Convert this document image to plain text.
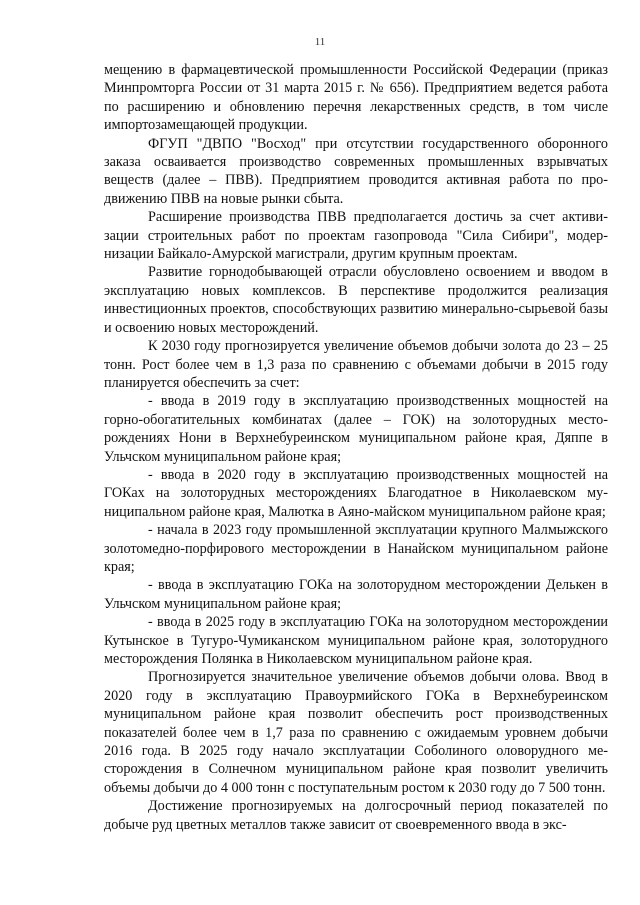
11

мещению в фармацевтической промышленности Российской Федерации (приказ Минпромторга России от 31 марта 2015 г. № 656). Предприятием ведется работа по расширению и обновлению перечня лекарственных средств, в том числе импортозамещающей продукции.

ФГУП "ДВПО "Восход" при отсутствии государственного оборонного заказа осваивается производство современных промышленных взрывчатых веществ (далее – ПВВ). Предприятием проводится активная работа по продвижению ПВВ на новые рынки сбыта.

Расширение производства ПВВ предполагается достичь за счет активизации строительных работ по проектам газопровода "Сила Сибири", модернизации Байкало-Амурской магистрали, другим крупным проектам.

Развитие горнодобывающей отрасли обусловлено освоением и вводом в эксплуатацию новых комплексов. В перспективе продолжится реализация инвестиционных проектов, способствующих развитию минерально-сырьевой базы и освоению новых месторождений.

К 2030 году прогнозируется увеличение объемов добычи золота до 23 – 25 тонн. Рост более чем в 1,3 раза по сравнению с объемами добычи в 2015 году планируется обеспечить за счет:

- ввода в 2019 году в эксплуатацию производственных мощностей на горно-обогатительных комбинатах (далее – ГОК) на золоторудных месторождениях Нони в Верхнебуреинском муниципальном районе края, Дяппе в Ульчском муниципальном районе края;

- ввода в 2020 году в эксплуатацию производственных мощностей на ГОКах на золоторудных месторождениях Благодатное в Николаевском муниципальном районе края, Малютка в Аяно-майском муниципальном районе края;

- начала в 2023 году промышленной эксплуатации крупного Малмыжского золотомедно-порфирового месторождении в Нанайском муниципальном районе края;

- ввода в эксплуатацию ГОКа на золоторудном месторождении Делькен в Ульчском муниципальном районе края;

- ввода в 2025 году в эксплуатацию ГОКа на золоторудном месторождении Кутынское в Тугуро-Чумиканском муниципальном районе края, золоторудного месторождения Полянка в Николаевском муниципальном районе края.

Прогнозируется значительное увеличение объемов добычи олова. Ввод в 2020 году в эксплуатацию Правоурмийского ГОКа в Верхнебуреинском муниципальном районе края позволит обеспечить рост производственных показателей более чем в 1,7 раза по сравнению с ожидаемым уровнем добычи 2016 года. В 2025 году начало эксплуатации Соболиного оловорудного месторождения в Солнечном муниципальном районе края позволит увеличить объемы добычи до 4 000 тонн с поступательным ростом к 2030 году до 7 500 тонн.

Достижение прогнозируемых на долгосрочный период показателей по добыче руд цветных металлов также зависит от своевременного ввода в экс-
